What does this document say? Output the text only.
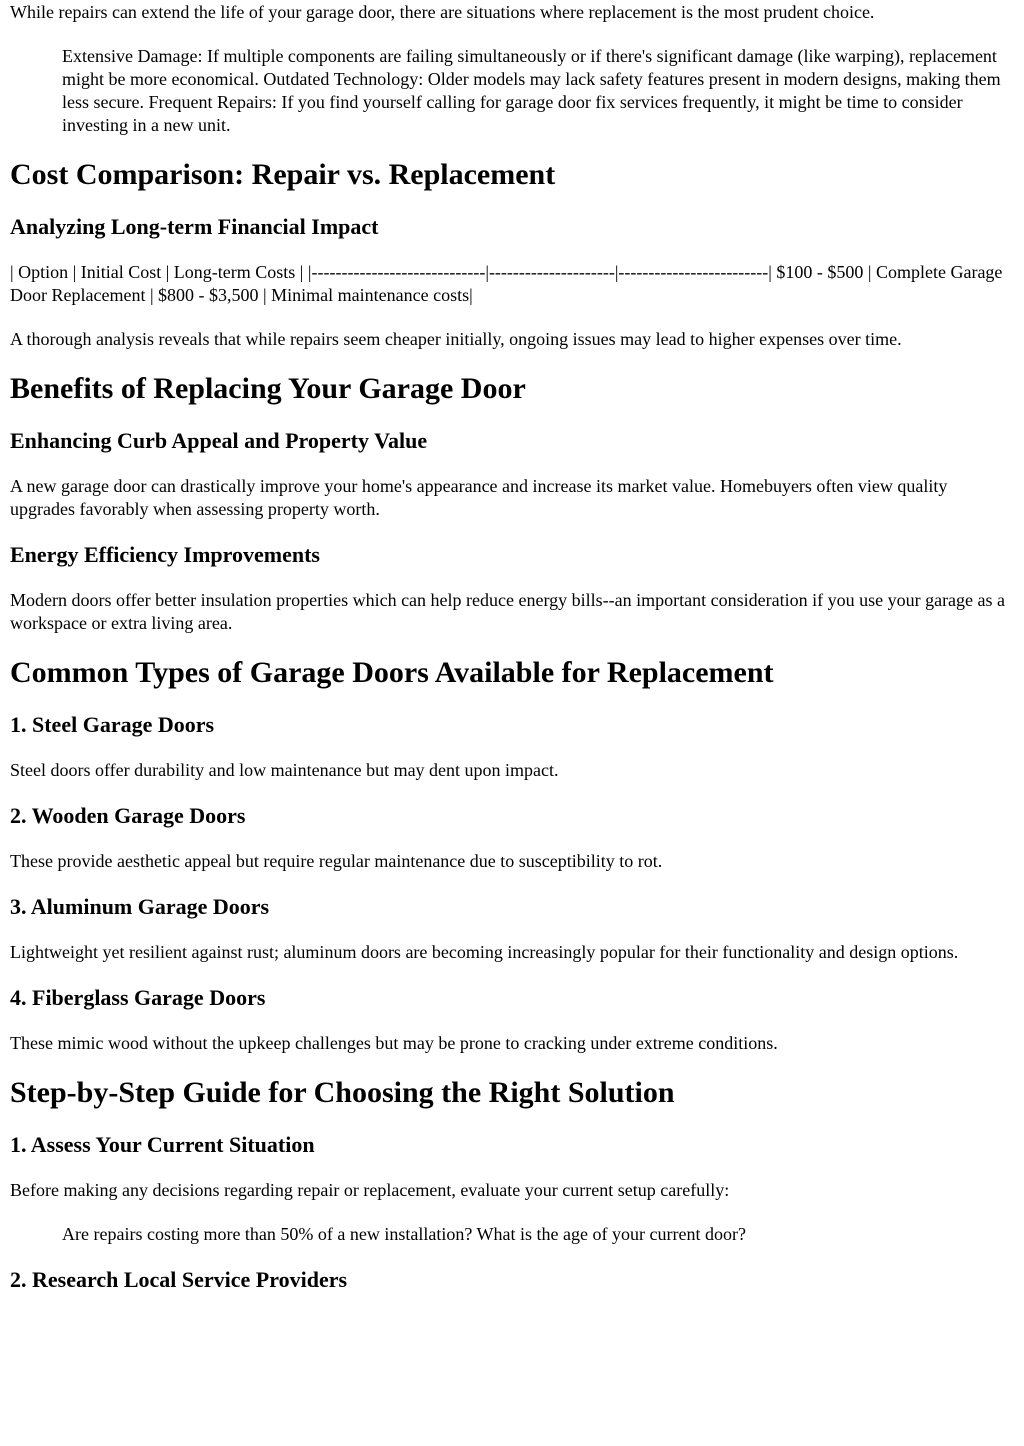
While repairs can extend the life of your garage door, there are situations where replacement is the most prudent choice.

Extensive Damage: If multiple components are failing simultaneously or if there's significant damage (like warping), replacement might be more economical. Outdated Technology: Older models may lack safety features present in modern designs, making them less secure. Frequent Repairs: If you find yourself calling for garage door fix services frequently, it might be time to consider investing in a new unit.
Cost Comparison: Repair vs. Replacement
Analyzing Long-term Financial Impact

| Option | Initial Cost | Long-term Costs | |-----------------------------|---------------------|-------------------------| $100 - $500 | Complete Garage Door Replacement | $800 - $3,500 | Minimal maintenance costs|

A thorough analysis reveals that while repairs seem cheaper initially, ongoing issues may lead to higher expenses over time.

Benefits of Replacing Your Garage Door
Enhancing Curb Appeal and Property Value

A new garage door can drastically improve your home's appearance and increase its market value. Homebuyers often view quality upgrades favorably when assessing property worth.

Energy Efficiency Improvements

Modern doors offer better insulation properties which can help reduce energy bills--an important consideration if you use your garage as a workspace or extra living area.

Common Types of Garage Doors Available for Replacement
1. Steel Garage Doors

Steel doors offer durability and low maintenance but may dent upon impact.

2. Wooden Garage Doors

These provide aesthetic appeal but require regular maintenance due to susceptibility to rot.

3. Aluminum Garage Doors

Lightweight yet resilient against rust; aluminum doors are becoming increasingly popular for their functionality and design options.

4. Fiberglass Garage Doors

These mimic wood without the upkeep challenges but may be prone to cracking under extreme conditions.

Step-by-Step Guide for Choosing the Right Solution
1. Assess Your Current Situation

Before making any decisions regarding repair or replacement, evaluate your current setup carefully:

Are repairs costing more than 50% of a new installation? What is the age of your current door?
2. Research Local Service Providers
